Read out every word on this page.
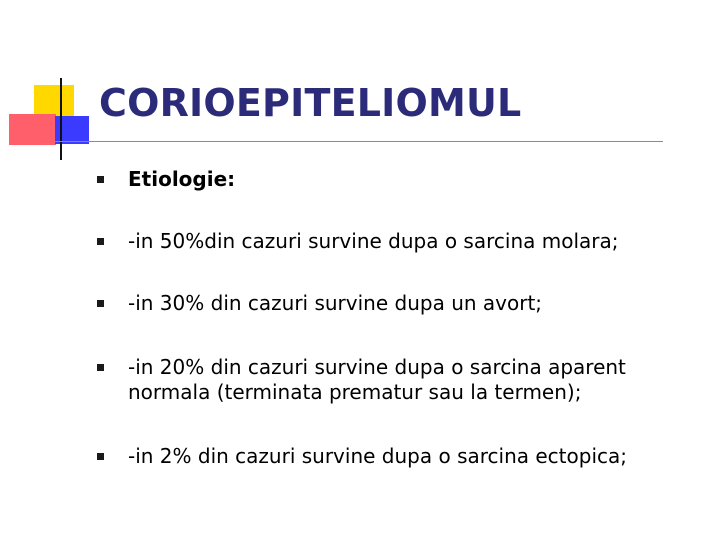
CORIOEPITELIOMUL
Etiologie:
-in 50%din cazuri survine dupa o sarcina molara;
-in 30% din cazuri survine dupa un avort;
-in 20% din cazuri survine dupa o sarcina aparent normala (terminata prematur sau la termen);
-in 2% din cazuri survine dupa o sarcina ectopica;
